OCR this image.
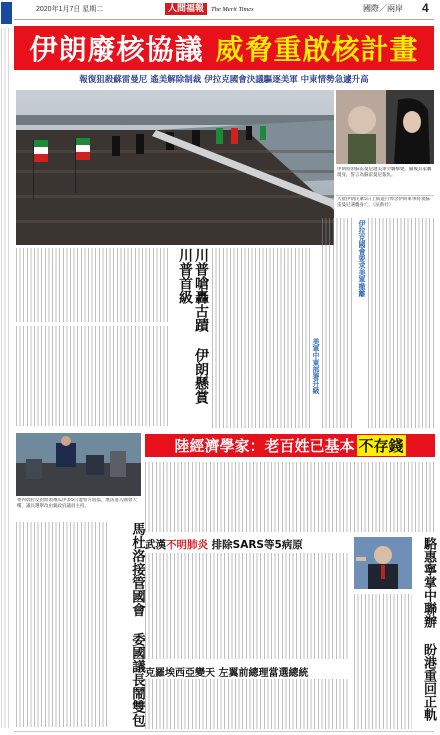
2020年1月7日 星期二	人間福報	The Merit Times	國際／兩岸 4
伊朗廢核協議 威脅重啟核計畫
報復狙殺蘇雷曼尼 遙美解除制裁 伊拉克國會決議驅逐美軍 中東情勢急遽升高
伊朗將領蘇雷曼尼遭美軍空襲擊斃，隨後其家屬現身，誓言為蘇雷曼尼報仇。
大批伊朗民眾5日上街遊行悼念伊朗軍事將領蘇雷曼尼遇襲身亡。（法新社）
川普嗆轟古蹟 伊朗懸賞川普首級	伊拉克國會要求美軍撤離
美軍中東部署升級
陸經濟學家：老百姓已基本 不存錢
委內瑞拉反對派領袖瓜伊多5日遭警方阻擋，無法進入國會大樓，議長選舉改由親政府議員主持。
馬杜洛接管國會 委國議長鬧雙包 武漢不明肺炎 排除SARS等5病原
克羅埃西亞變天 左翼前總理當選總統	駱惠寧掌中聯辦 盼港重回正軌
